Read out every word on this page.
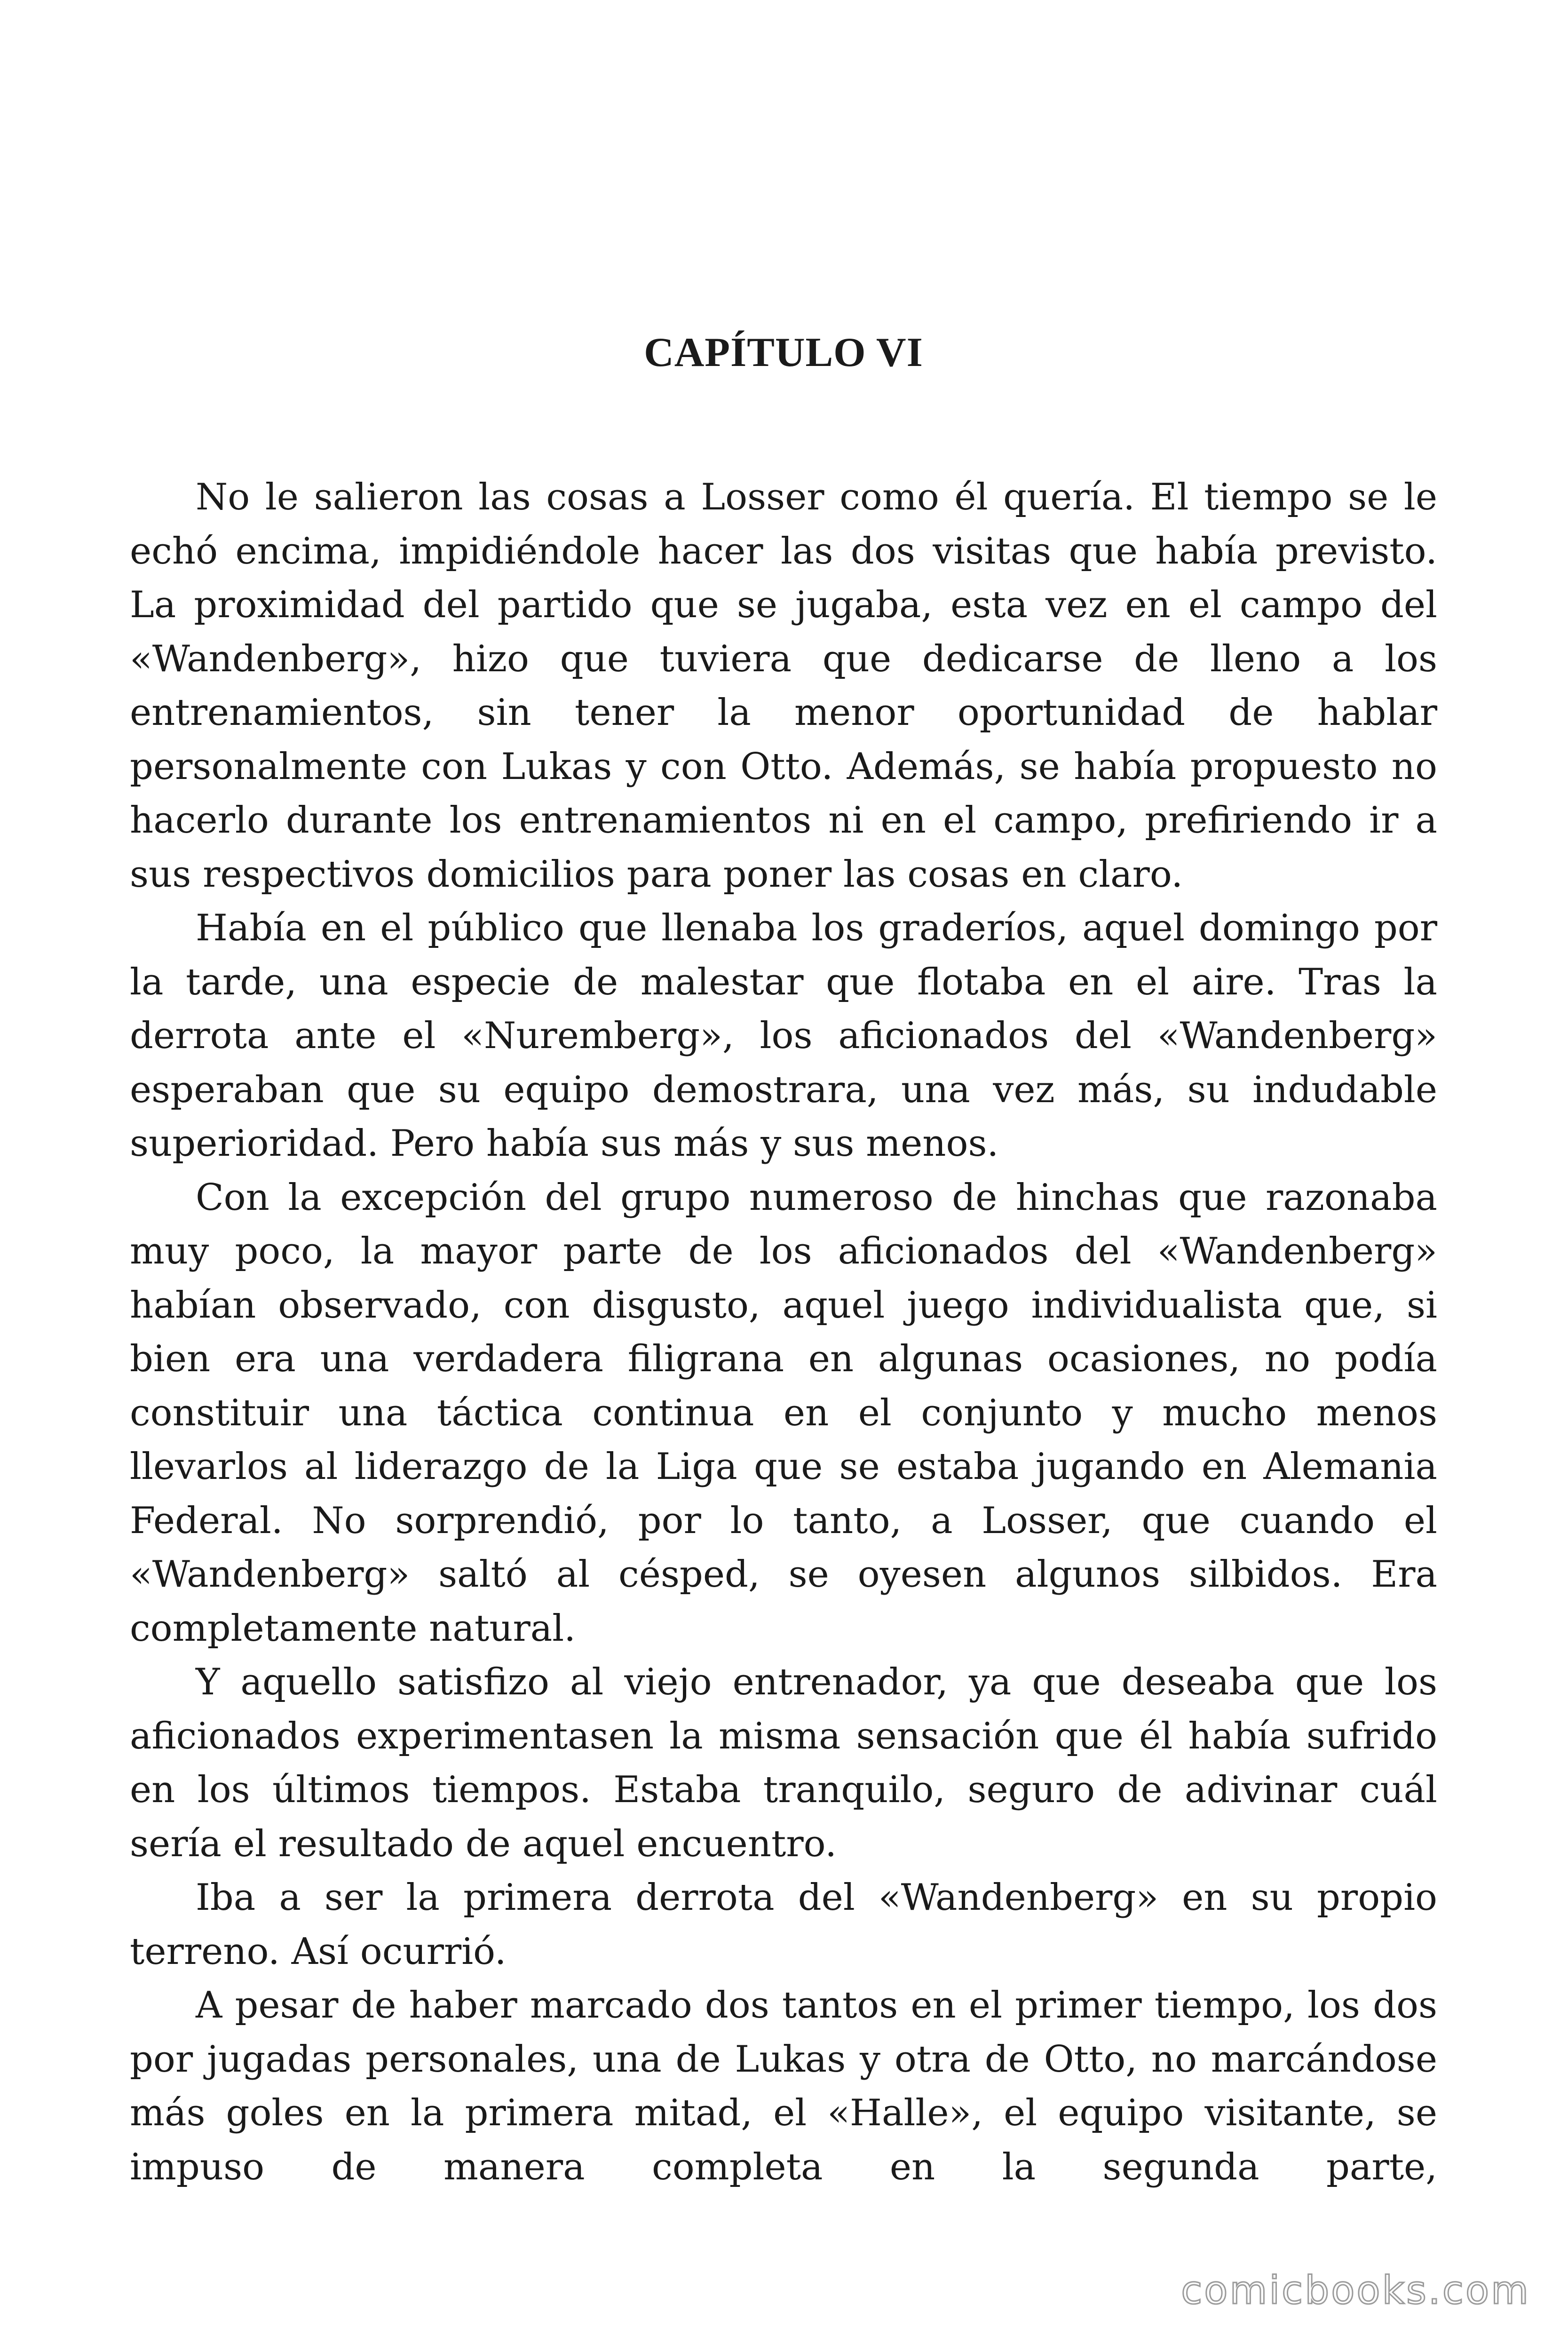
CAPÍTULO VI

No le salieron las cosas a Losser como él quería. El tiempo se le echó encima, impidiéndole hacer las dos visitas que había previsto. La proximidad del partido que se jugaba, esta vez en el campo del «Wandenberg», hizo que tuviera que dedicarse de lleno a los entrenamientos, sin tener la menor oportunidad de hablar personalmente con Lukas y con Otto. Además, se había propuesto no hacerlo durante los entrenamientos ni en el campo, prefiriendo ir a sus respectivos domicilios para poner las cosas en claro.

Había en el público que llenaba los graderíos, aquel domingo por la tarde, una especie de malestar que flotaba en el aire. Tras la derrota ante el «Nuremberg», los aficionados del «Wandenberg» esperaban que su equipo demostrara, una vez más, su indudable superioridad. Pero había sus más y sus menos.

Con la excepción del grupo numeroso de hinchas que razonaba muy poco, la mayor parte de los aficionados del «Wandenberg» habían observado, con disgusto, aquel juego individualista que, si bien era una verdadera filigrana en algunas ocasiones, no podía constituir una táctica continua en el conjunto y mucho menos llevarlos al liderazgo de la Liga que se estaba jugando en Alemania Federal. No sorprendió, por lo tanto, a Losser, que cuando el «Wandenberg» saltó al césped, se oyesen algunos silbidos. Era completamente natural.

Y aquello satisfizo al viejo entrenador, ya que deseaba que los aficionados experimentasen la misma sensación que él había sufrido en los últimos tiempos. Estaba tranquilo, seguro de adivinar cuál sería el resultado de aquel encuentro.

Iba a ser la primera derrota del «Wandenberg» en su propio terreno. Así ocurrió.

A pesar de haber marcado dos tantos en el primer tiempo, los dos por jugadas personales, una de Lukas y otra de Otto, no marcándose más goles en la primera mitad, el «Halle», el equipo visitante, se impuso de manera completa en la segunda parte,

comicbooks.com
